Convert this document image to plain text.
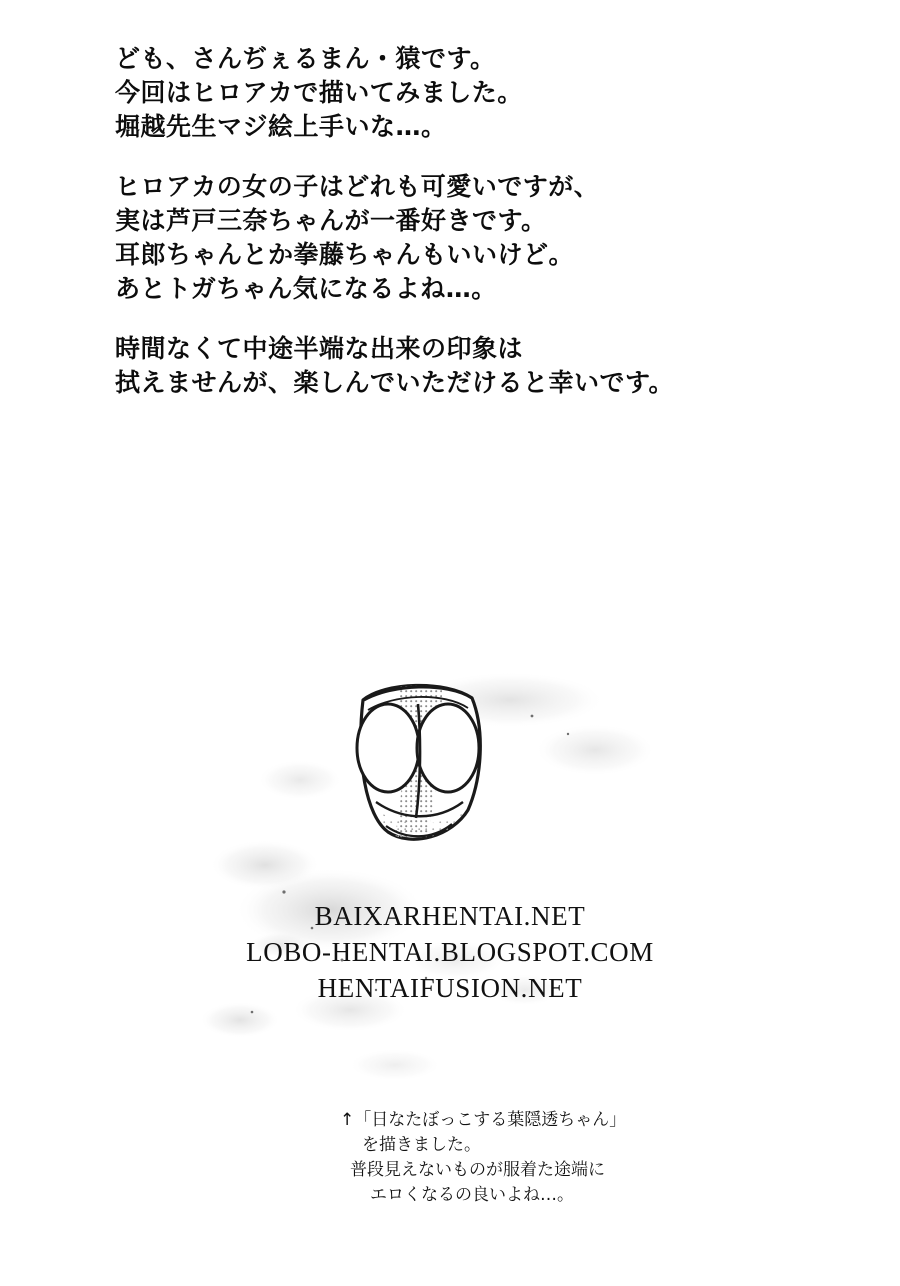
ども、さんぢぇるまん・猿です。
今回はヒロアカで描いてみました。
堀越先生マジ絵上手いな…。
ヒロアカの女の子はどれも可愛いですが、
実は芦戸三奈ちゃんが一番好きです。
耳郎ちゃんとか拳藤ちゃんもいいけど。
あとトガちゃん気になるよね…。
時間なくて中途半端な出来の印象は
拭えませんが、楽しんでいただけると幸いです。
BAIXARHENTAI.NET
LOBO-HENTAI.BLOGSPOT.COM
HENTAIFUSION.NET
↑「日なたぼっこする葉隠透ちゃん」
を描きました。
普段見えないものが服着た途端に
エロくなるの良いよね…。
